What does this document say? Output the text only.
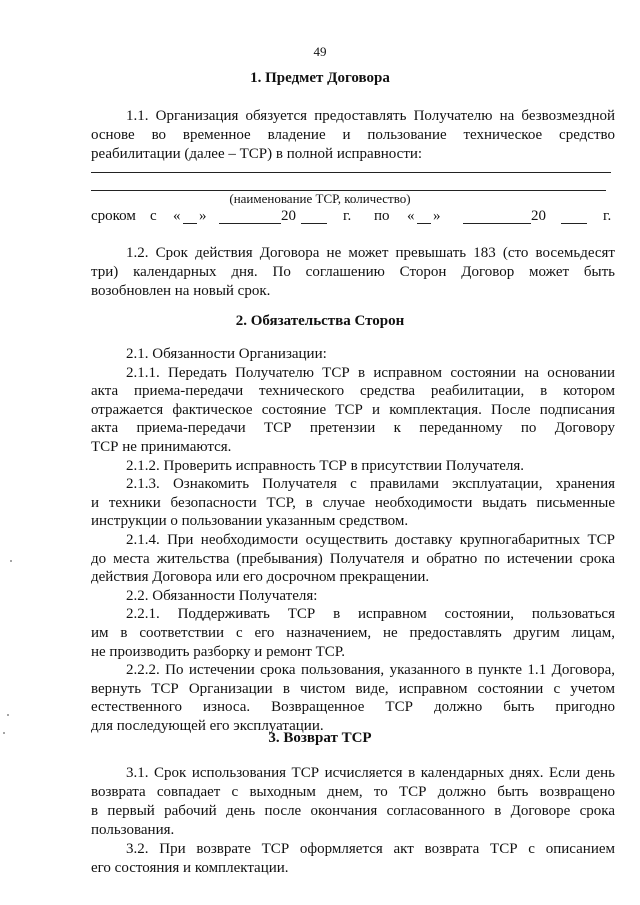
49
1. Предмет Договора
1.1. Организация обязуется предоставлять Получателю на безвозмездной
основе во временное владение и пользование техническое средство
реабилитации (далее – ТСР) в полной исправности:
(наименование ТСР, количество)
сроком с « »	20	г. по « »	20	г.
1.2. Срок действия Договора не может превышать 183 (сто восемьдесят
три) календарных дня. По соглашению Сторон Договор может быть
возобновлен на новый срок.
2. Обязательства Сторон
2.1. Обязанности Организации:
2.1.1. Передать Получателю ТСР в исправном состоянии на основании
акта приема-передачи технического средства реабилитации, в котором
отражается фактическое состояние ТСР и комплектация. После подписания
акта приема-передачи ТСР претензии к переданному по Договору
ТСР не принимаются.
2.1.2. Проверить исправность ТСР в присутствии Получателя.
2.1.3. Ознакомить Получателя с правилами эксплуатации, хранения
и техники безопасности ТСР, в случае необходимости выдать письменные
инструкции о пользовании указанным средством.
2.1.4. При необходимости осуществить доставку крупногабаритных ТСР
до места жительства (пребывания) Получателя и обратно по истечении срока
действия Договора или его досрочном прекращении.
2.2. Обязанности Получателя:
2.2.1. Поддерживать ТСР в исправном состоянии, пользоваться
им в соответствии с его назначением, не предоставлять другим лицам,
не производить разборку и ремонт ТСР.
2.2.2. По истечении срока пользования, указанного в пункте 1.1 Договора,
вернуть ТСР Организации в чистом виде, исправном состоянии с учетом
естественного износа. Возвращенное ТСР должно быть пригодно
для последующей его эксплуатации.
3. Возврат ТСР
3.1. Срок использования ТСР исчисляется в календарных днях. Если день
возврата совпадает с выходным днем, то ТСР должно быть возвращено
в первый рабочий день после окончания согласованного в Договоре срока
пользования.
3.2. При возврате ТСР оформляется акт возврата ТСР с описанием
его состояния и комплектации.
